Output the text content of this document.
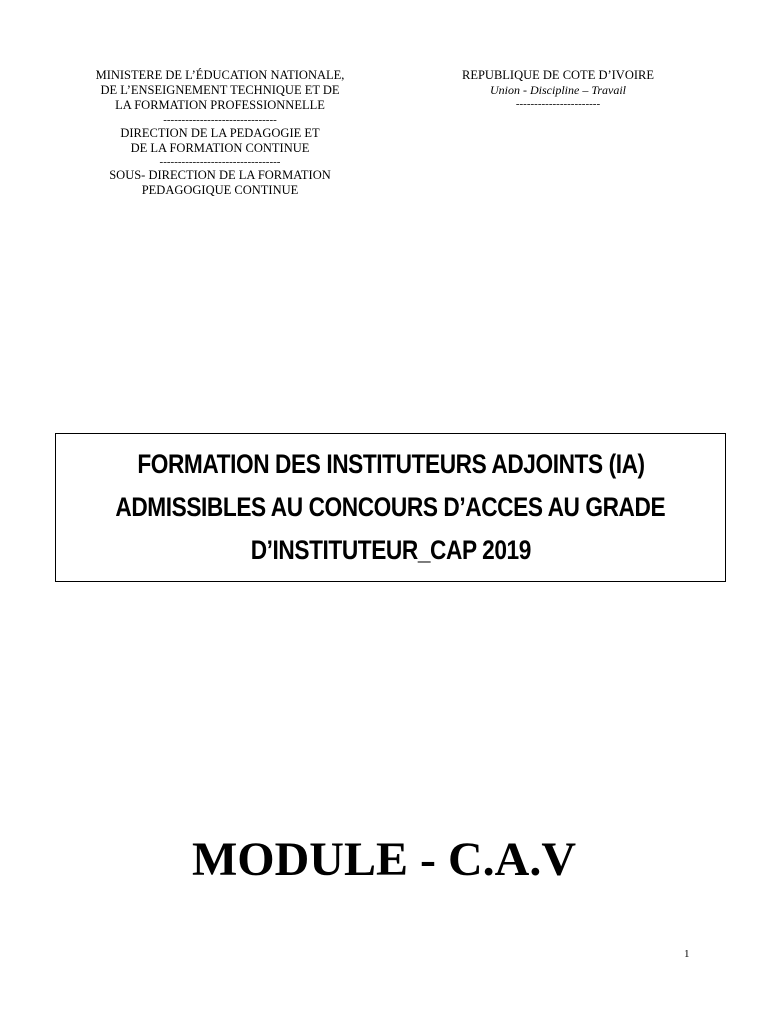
MINISTERE DE L’ÉDUCATION NATIONALE,
DE L’ENSEIGNEMENT TECHNIQUE ET DE
LA FORMATION PROFESSIONNELLE
-------------------------------
DIRECTION DE LA PEDAGOGIE ET
DE LA FORMATION CONTINUE
---------------------------------
SOUS- DIRECTION DE LA FORMATION
PEDAGOGIQUE CONTINUE
REPUBLIQUE DE COTE D’IVOIRE
Union - Discipline – Travail
-----------------------
FORMATION DES INSTITUTEURS ADJOINTS (IA)
ADMISSIBLES AU CONCOURS D’ACCES AU GRADE
D’INSTITUTEUR_CAP 2019
MODULE - C.A.V
1
